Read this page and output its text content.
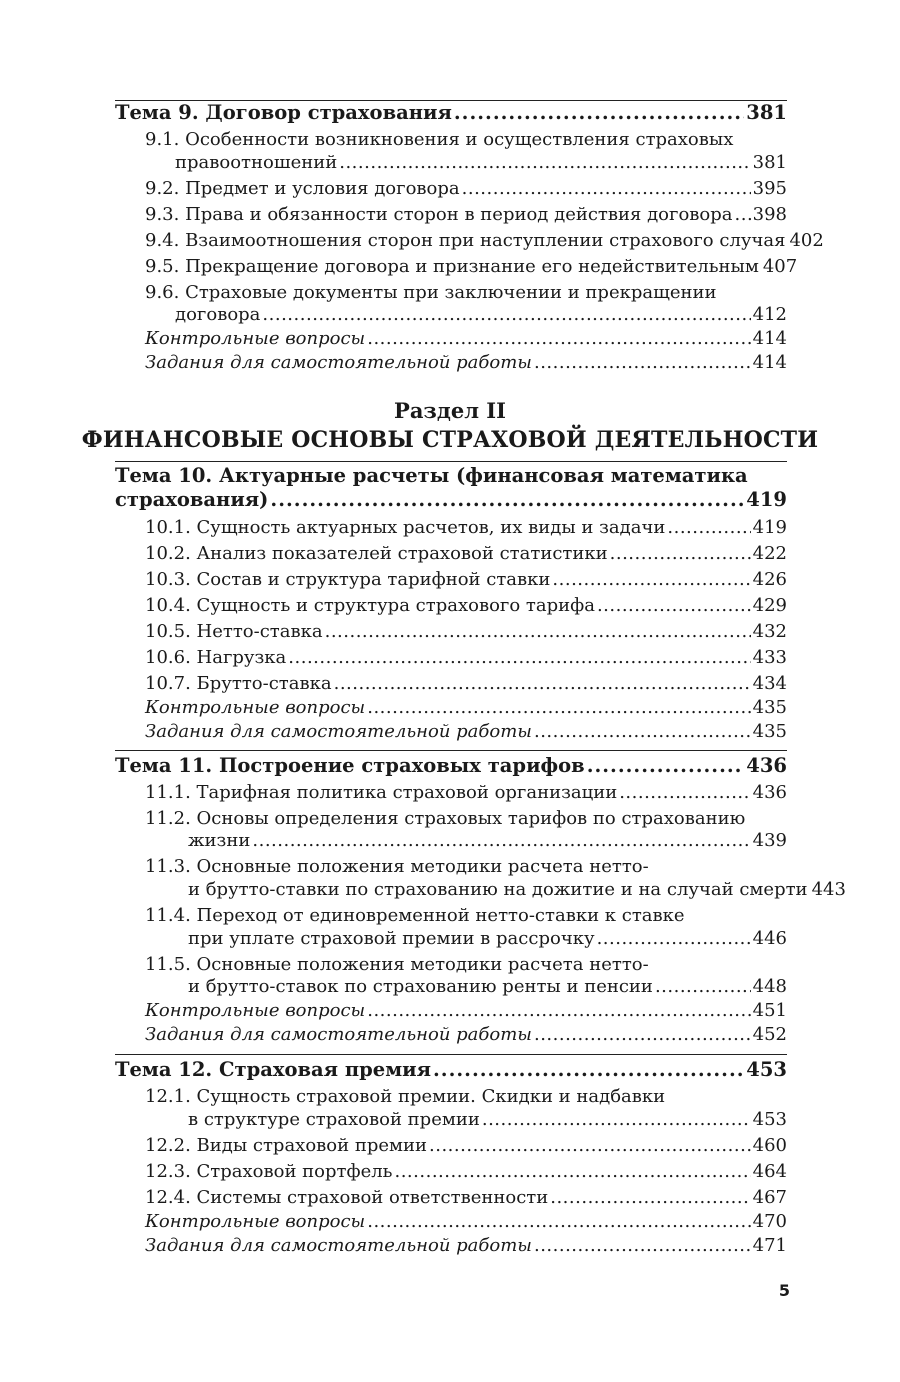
Тема 9. Договор страхования .....	381
9.1. Особенности возникновения и осуществления страховых
правоотношений .....	381
9.2. Предмет и условия договора .....	395
9.3. Права и обязанности сторон в период действия договора ..... 398
9.4. Взаимоотношения сторон при наступлении страхового случая 402
9.5. Прекращение договора и признание его недействительным 407
9.6. Страховые документы при заключении и прекращении
договора .....	412
Контрольные вопросы .....	414
Задания для самостоятельной работы .....	414
Раздел II
ФИНАНСОВЫЕ ОСНОВЫ СТРАХОВОЙ ДЕЯТЕЛЬНОСТИ
Тема 10. Актуарные расчеты (финансовая математика
страхования) .....	419
10.1. Сущность актуарных расчетов, их виды и задачи .....	419
10.2. Анализ показателей страховой статистики .....	422
10.3. Состав и структура тарифной ставки .....	426
10.4. Сущность и структура страхового тарифа .....	429
10.5. Нетто-ставка .....	432
10.6. Нагрузка .....	433
10.7. Брутто-ставка .....	434
Контрольные вопросы .....	435
Задания для самостоятельной работы .....	435
Тема 11. Построение страховых тарифов .....	436
11.1. Тарифная политика страховой организации .....	436
11.2. Основы определения страховых тарифов по страхованию
жизни .....	439
11.3. Основные положения методики расчета нетто-
и брутто-ставки по страхованию на дожитие и на случай смерти 443
11.4. Переход от единовременной нетто-ставки к ставке
при уплате страховой премии в рассрочку .....	446
11.5. Основные положения методики расчета нетто-
и брутто-ставок по страхованию ренты и пенсии .....	448
Контрольные вопросы .....	451
Задания для самостоятельной работы .....	452
Тема 12. Страховая премия .....	453
12.1. Сущность страховой премии. Скидки и надбавки
в структуре страховой премии .....	453
12.2. Виды страховой премии .....	460
12.3. Страховой портфель .....	464
12.4. Системы страховой ответственности .....	467
Контрольные вопросы .....	470
Задания для самостоятельной работы .....	471
5
